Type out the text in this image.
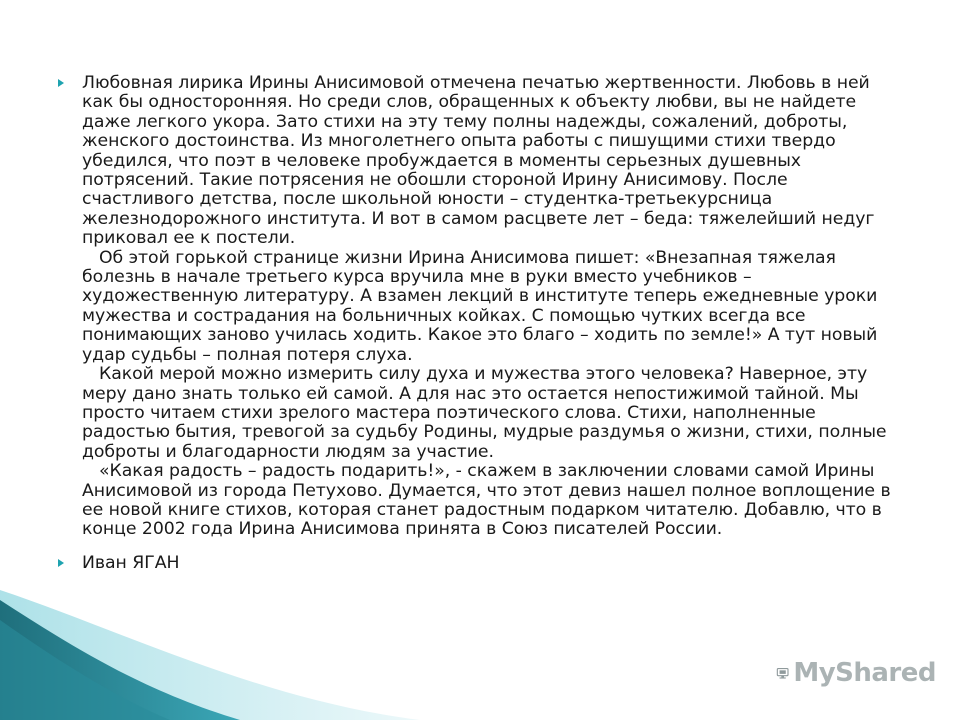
Любовная лирика Ирины Анисимовой отмечена печатью жертвенности. Любовь в ней как бы односторонняя. Но среди слов, обращенных к объекту любви, вы не найдете даже легкого укора. Зато стихи на эту тему полны надежды, сожалений, доброты, женского достоинства. Из многолетнего опыта работы с пишущими стихи твердо убедился, что поэт в человеке пробуждается в моменты серьезных душевных потрясений. Такие потрясения не обошли стороной Ирину Анисимову. После счастливого детства, после школьной юности – студентка-третьекурсница железнодорожного института. И вот в самом расцвете лет – беда: тяжелейший недуг приковал ее к постели.
Об этой горькой странице жизни Ирина Анисимова пишет: «Внезапная тяжелая болезнь в начале третьего курса вручила мне в руки вместо учебников – художественную литературу. А взамен лекций в институте теперь ежедневные уроки мужества и сострадания на больничных койках. С помощью чутких всегда все понимающих заново училась ходить. Какое это благо – ходить по земле!» А тут новый удар судьбы – полная потеря слуха.
Какой мерой можно измерить силу духа и мужества этого человека? Наверное, эту меру дано знать только ей самой. А для нас это остается непостижимой тайной. Мы просто читаем стихи зрелого мастера поэтического слова. Стихи, наполненные радостью бытия, тревогой за судьбу Родины, мудрые раздумья о жизни, стихи, полные доброты и благодарности людям за участие.
«Какая радость – радость подарить!», - скажем в заключении словами самой Ирины Анисимовой из города Петухово. Думается, что этот девиз нашел полное воплощение в ее новой книге стихов, которая станет радостным подарком читателю. Добавлю, что в конце 2002 года Ирина Анисимова принята в Союз писателей России.
Иван ЯГАН
MyShared
